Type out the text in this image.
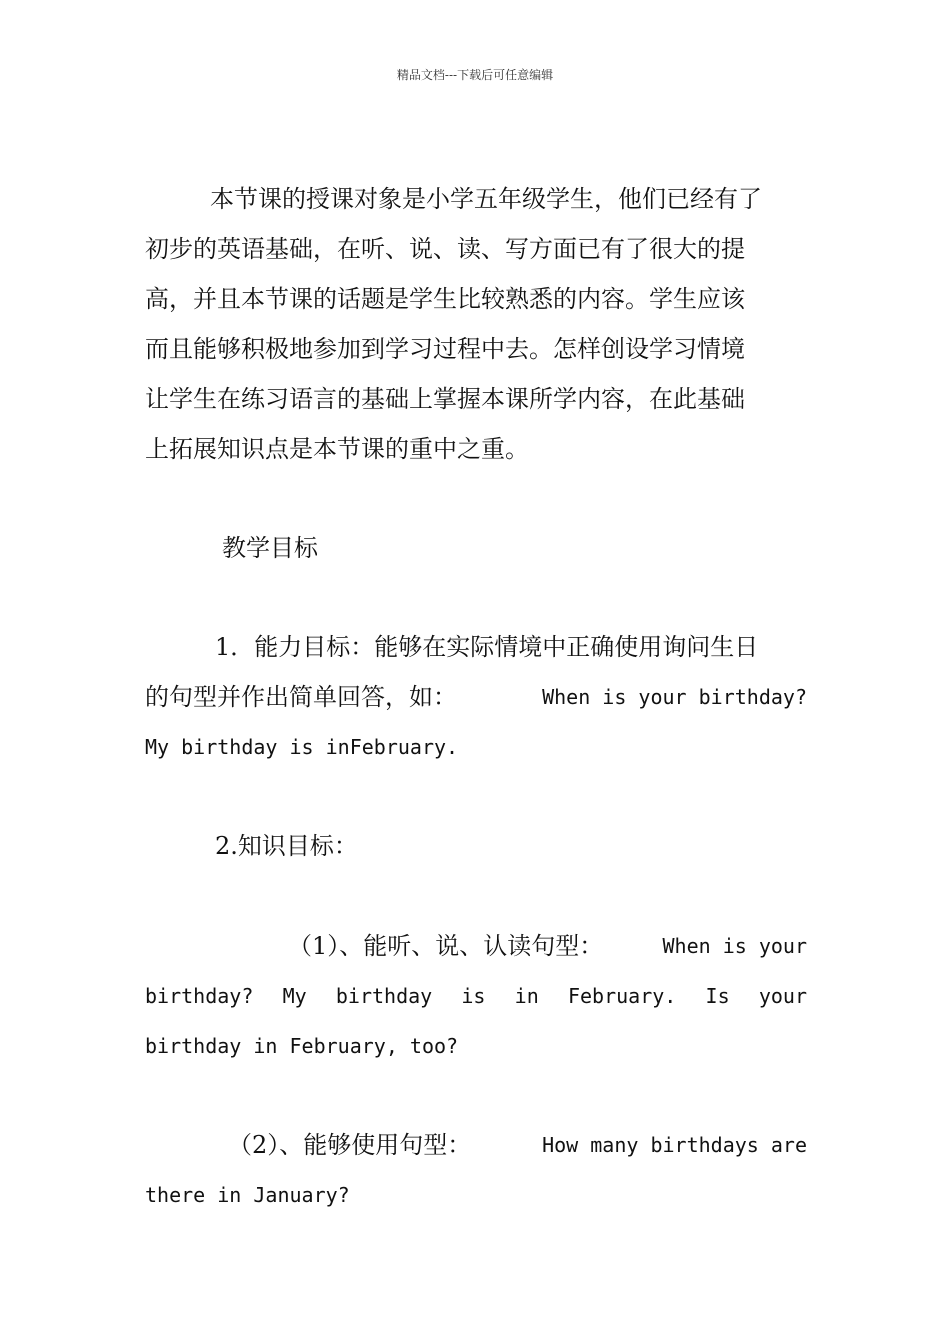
精品文档---下载后可任意编辑
本节课的授课对象是小学五年级学生，他们已经有了
初步的英语基础，在听、说、读、写方面已有了很大的提
高，并且本节课的话题是学生比较熟悉的内容。学生应该
而且能够积极地参加到学习过程中去。怎样创设学习情境
让学生在练习语言的基础上掌握本课所学内容，在此基础
上拓展知识点是本节课的重中之重。
教学目标
1．能力目标：能够在实际情境中正确使用询问生日
的句型并作出简单回答，如：	When is your birthday?
My birthday is inFebruary.
2.知识目标：
（1）、能听、说、认读句型：	When is your
birthday? My birthday is in February. Is your
birthday in February, too?
（2）、能够使用句型：	How many birthdays are
there in January?
